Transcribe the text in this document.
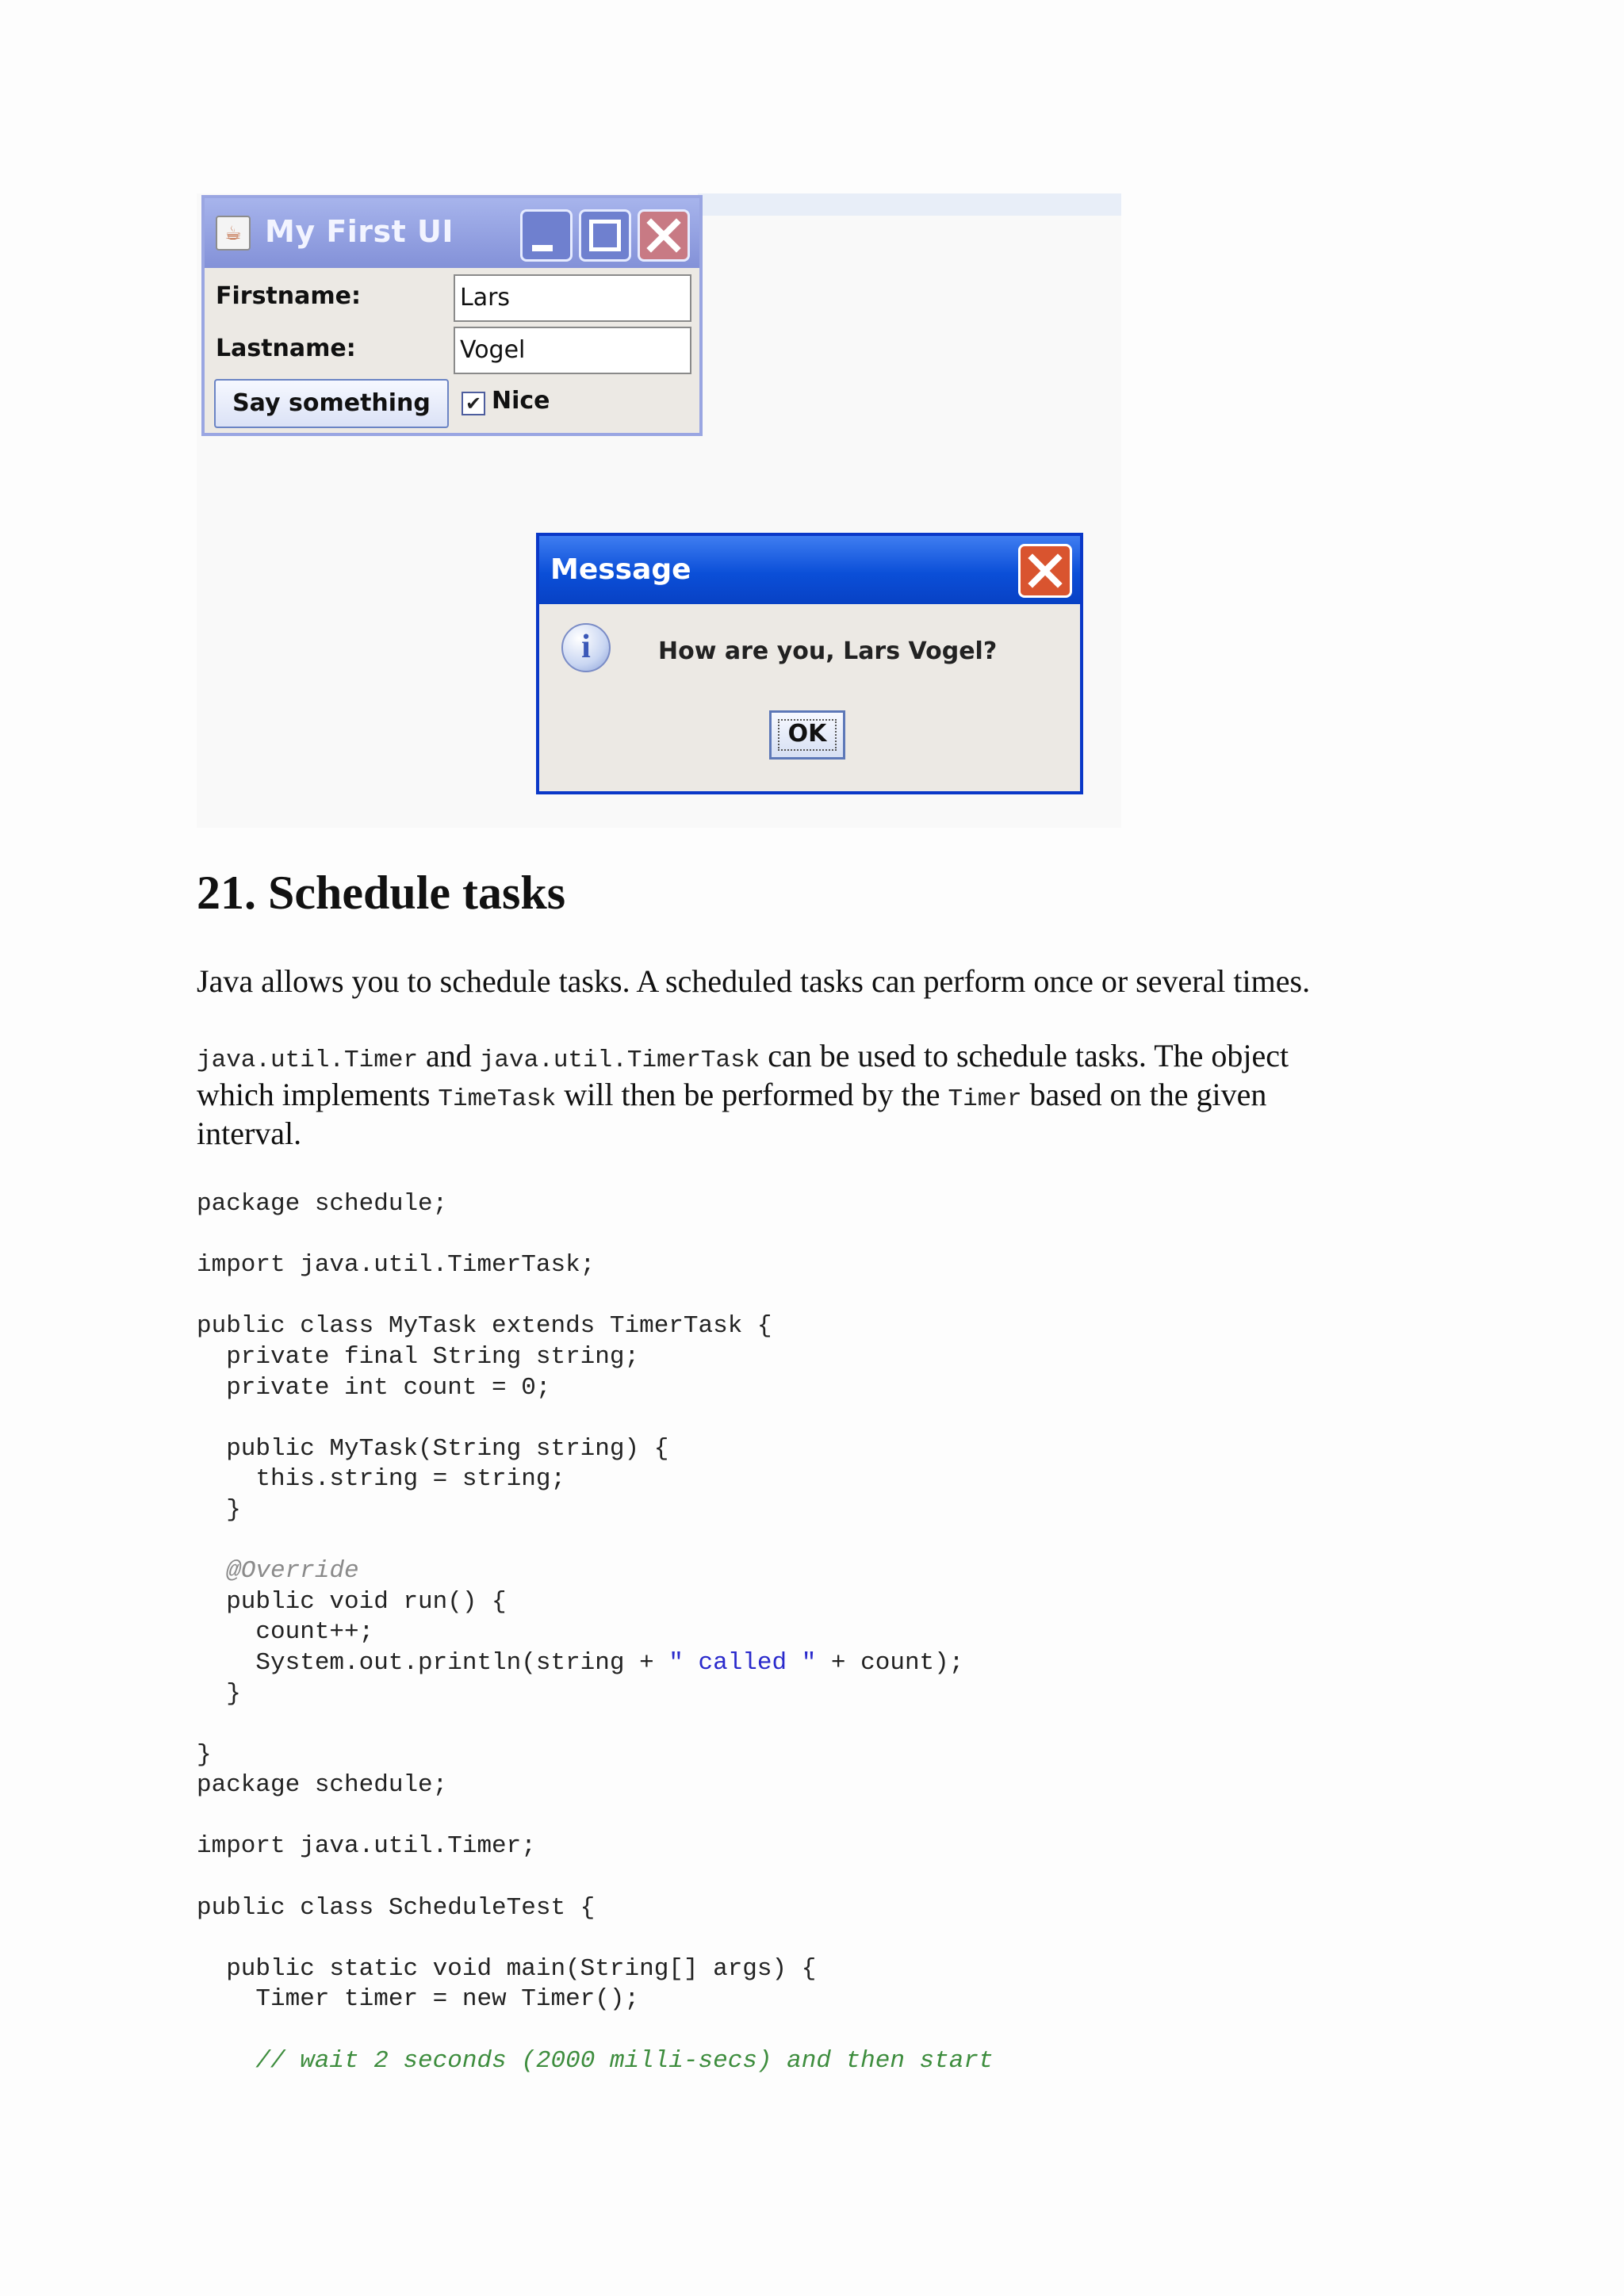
☕ My First UI
Firstname:	Lars
Lastname:	Vogel
Say something	✔ Nice
Message
i	How are you, Lars Vogel?
OK
21. Schedule tasks
Java allows you to schedule tasks. A scheduled tasks can perform once or several times.
java.util.Timer and java.util.TimerTask can be used to schedule tasks. The object
which implements TimeTask will then be performed by the Timer based on the given
interval.
package schedule;

import java.util.TimerTask;

public class MyTask extends TimerTask {
private final String string;
private int count = 0;

public MyTask(String string) {
this.string = string;
}

@Override
public void run() {
count++;
System.out.println(string + " called " + count);
}

}
package schedule;

import java.util.Timer;

public class ScheduleTest {

public static void main(String[] args) {
Timer timer = new Timer();

// wait 2 seconds (2000 milli-secs) and then start
